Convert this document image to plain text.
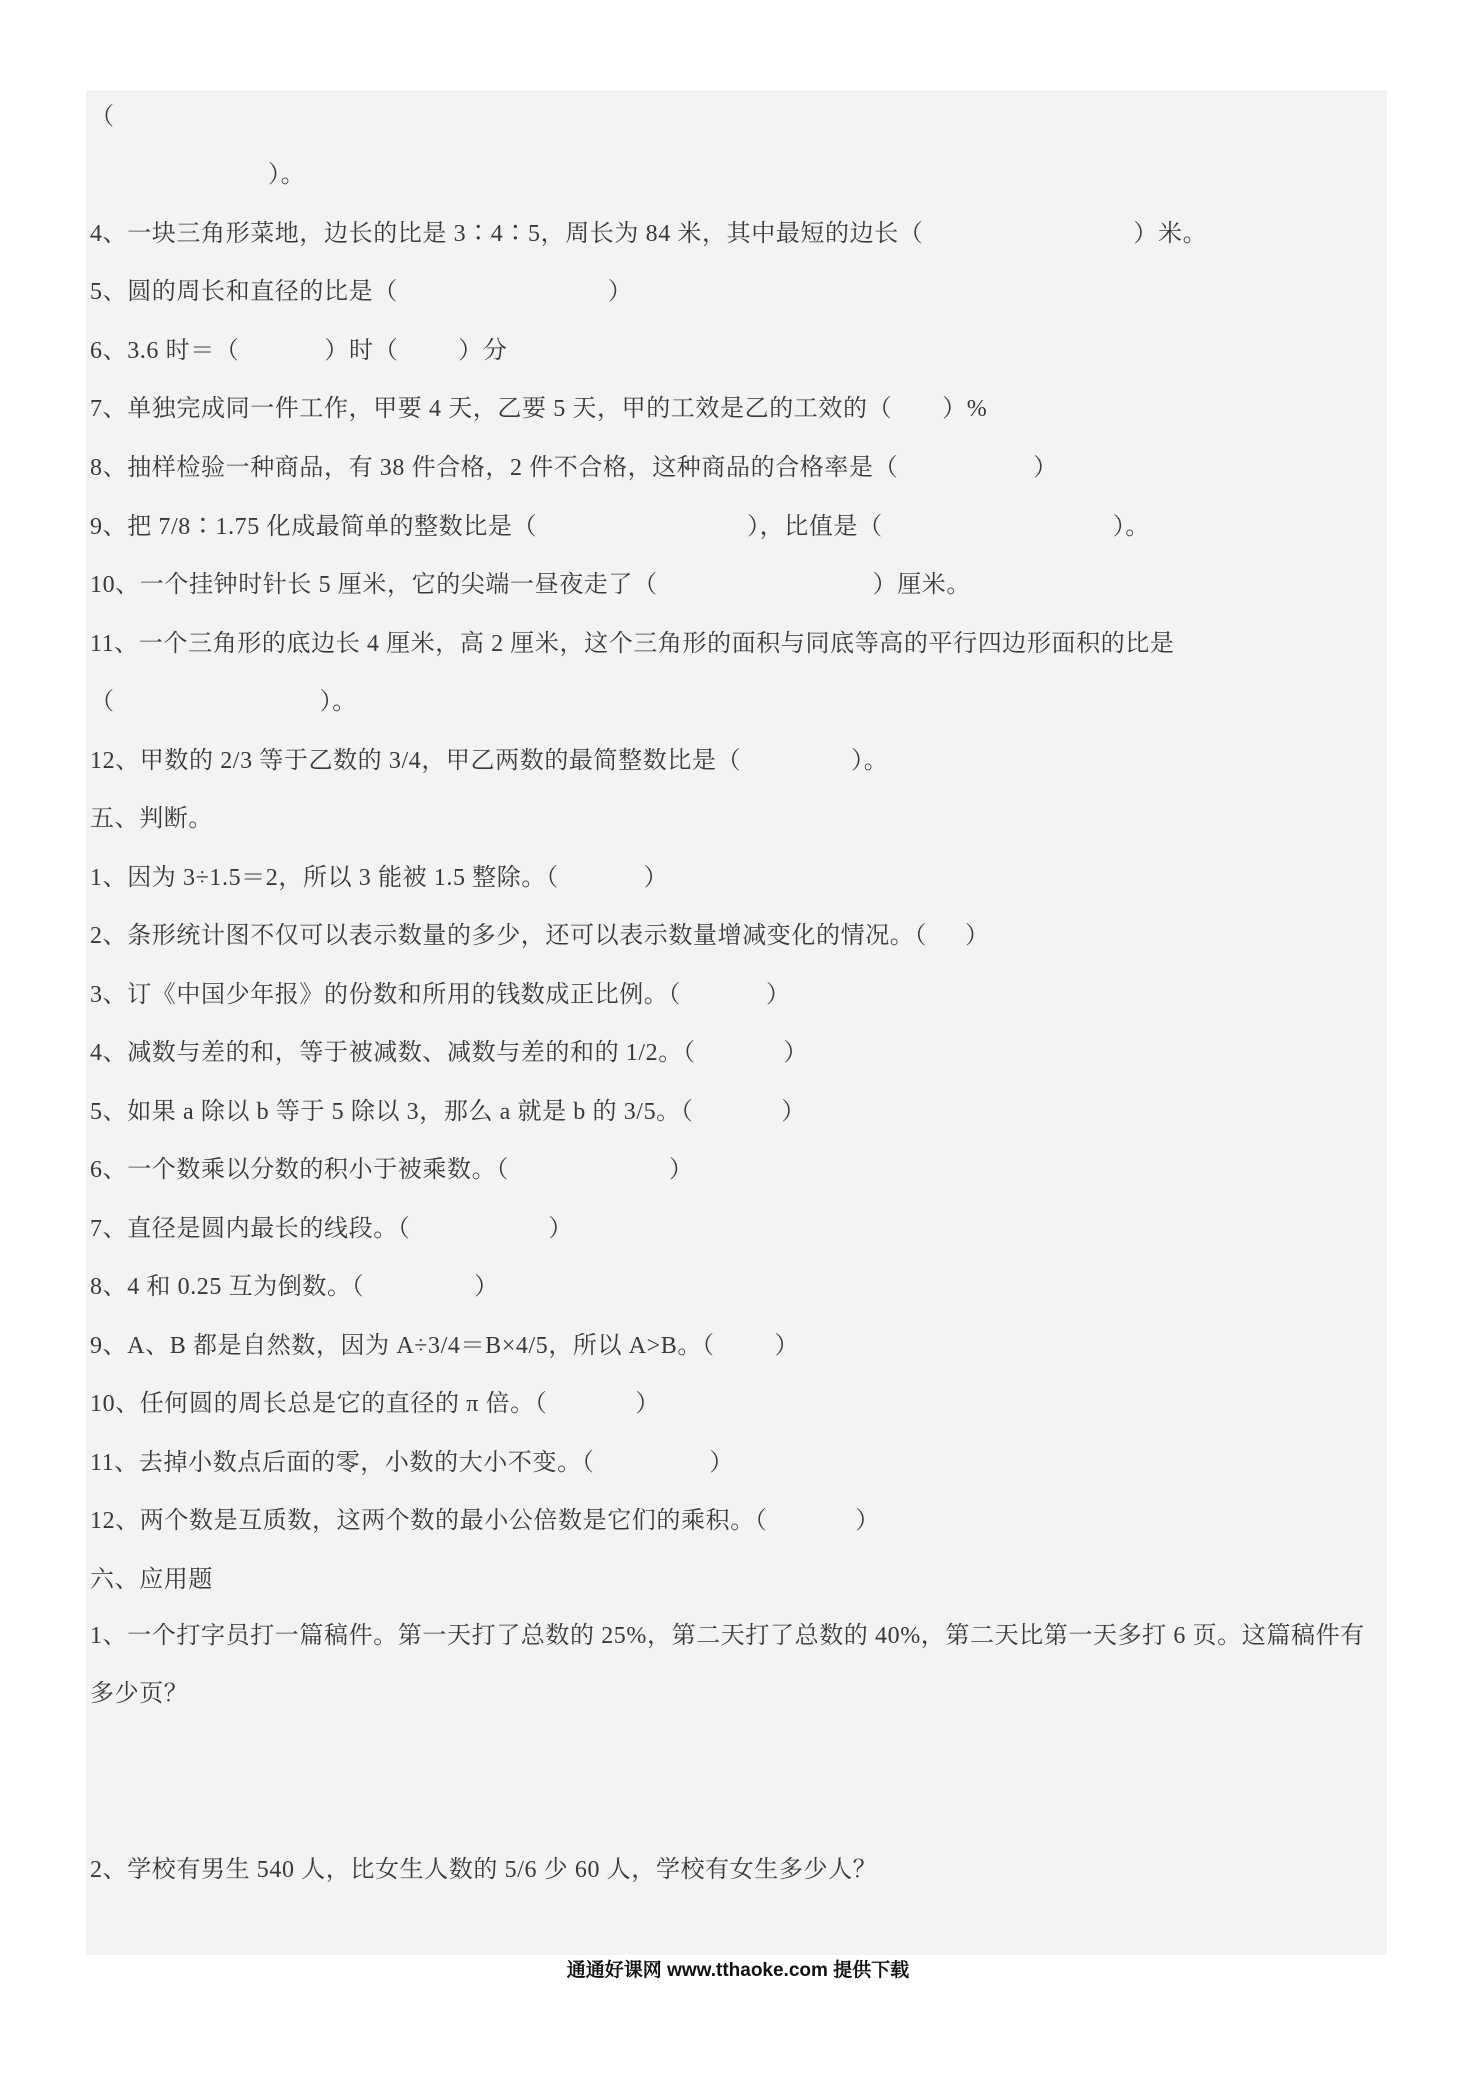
（
）。
4、一块三角形菜地，边长的比是 3∶4∶5，周长为 84 米，其中最短的边长（	）米。
5、圆的周长和直径的比是（	）
6、3.6 时＝（	）时（	）分
7、单独完成同一件工作，甲要 4 天，乙要 5 天，甲的工效是乙的工效的（ ）%
8、抽样检验一种商品，有 38 件合格，2 件不合格，这种商品的合格率是（	）
9、把 7/8∶1.75 化成最简单的整数比是（	），比值是（	）。
10、一个挂钟时针长 5 厘米，它的尖端一昼夜走了（	）厘米。
11、一个三角形的底边长 4 厘米，高 2 厘米，这个三角形的面积与同底等高的平行四边形面积的比是
（	）。
12、甲数的 2/3 等于乙数的 3/4，甲乙两数的最简整数比是（	）。
五、判断。
1、因为 3÷1.5＝2，所以 3 能被 1.5 整除。（	）
2、条形统计图不仅可以表示数量的多少，还可以表示数量增减变化的情况。（ ）
3、订《中国少年报》的份数和所用的钱数成正比例。（	）
4、减数与差的和，等于被减数、减数与差的和的 1/2。（	）
5、如果 a 除以 b 等于 5 除以 3，那么 a 就是 b 的 3/5。（	）
6、一个数乘以分数的积小于被乘数。（	）
7、直径是圆内最长的线段。（	）
8、4 和 0.25 互为倒数。（	）
9、A、B 都是自然数，因为 A÷3/4＝B×4/5，所以 A>B。（	）
10、任何圆的周长总是它的直径的 π 倍。（	）
11、去掉小数点后面的零，小数的大小不变。（	）
12、两个数是互质数，这两个数的最小公倍数是它们的乘积。（	）
六、应用题
1、一个打字员打一篇稿件。第一天打了总数的 25%，第二天打了总数的 40%，第二天比第一天多打 6 页。这篇稿件有
多少页？
2、学校有男生 540 人，比女生人数的 5/6 少 60 人，学校有女生多少人？
通通好课网 www.tthaoke.com 提供下载
